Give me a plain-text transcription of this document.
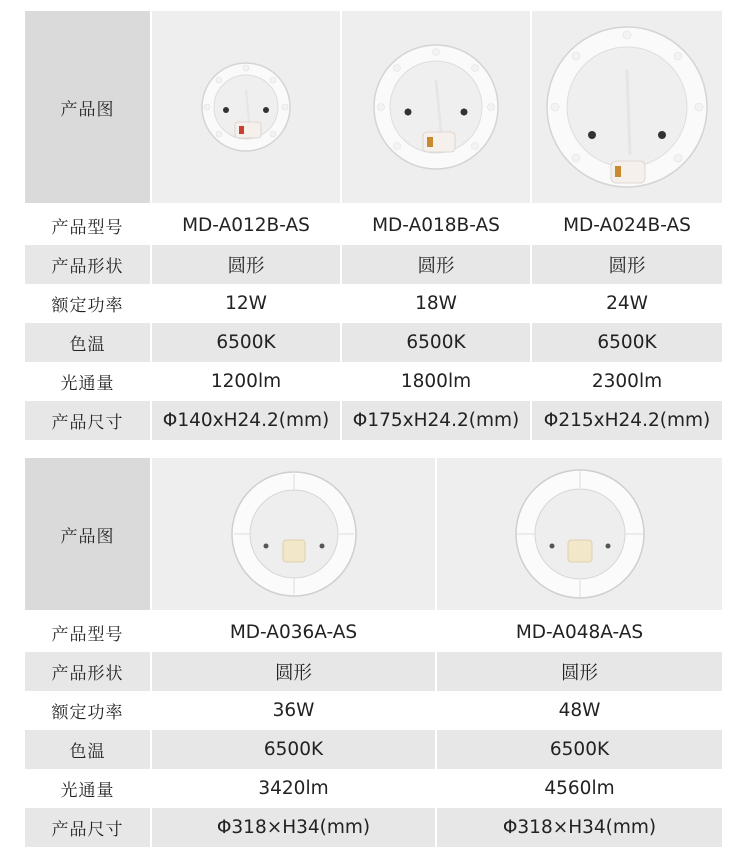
产品图
产品型号	MD-A012B-AS	MD-A018B-AS	MD-A024B-AS
产品形状	圆形	圆形	圆形
额定功率	12W	18W	24W
色温	6500K	6500K	6500K
光通量	1200lm	1800lm	2300lm
产品尺寸	Φ140xH24.2(mm)	Φ175xH24.2(mm)	Φ215xH24.2(mm)
产品图
产品型号	MD-A036A-AS	MD-A048A-AS
产品形状	圆形	圆形
额定功率	36W	48W
色温	6500K	6500K
光通量	3420lm	4560lm
产品尺寸	Φ318×H34(mm)	Φ318×H34(mm)
